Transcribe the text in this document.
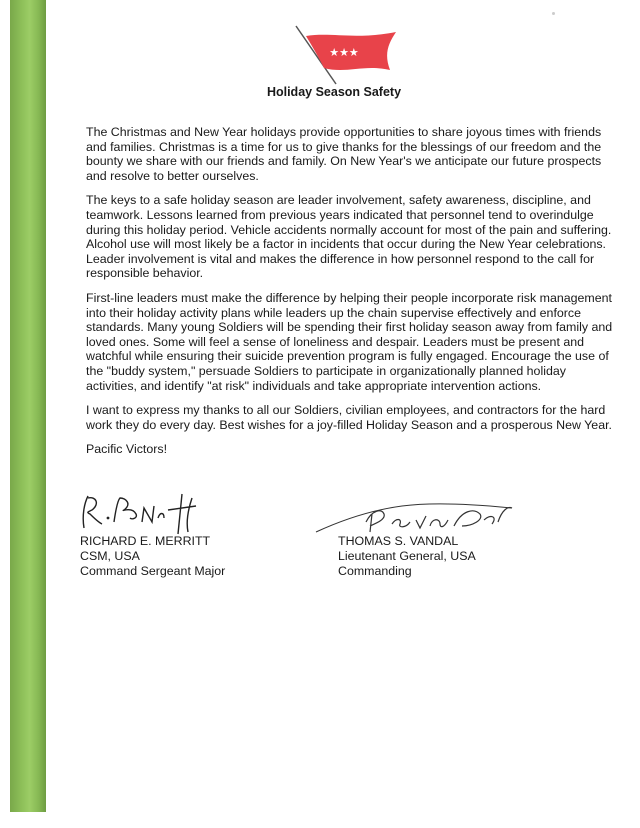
★★★
Holiday Season Safety

The Christmas and New Year holidays provide opportunities to share joyous times with friends and families. Christmas is a time for us to give thanks for the blessings of our freedom and the bounty we share with our friends and family. On New Year's we anticipate our future prospects and resolve to better ourselves.

The keys to a safe holiday season are leader involvement, safety awareness, discipline, and teamwork. Lessons learned from previous years indicated that personnel tend to overindulge during this holiday period. Vehicle accidents normally account for most of the pain and suffering. Alcohol use will most likely be a factor in incidents that occur during the New Year celebrations. Leader involvement is vital and makes the difference in how personnel respond to the call for responsible behavior.

First-line leaders must make the difference by helping their people incorporate risk management into their holiday activity plans while leaders up the chain supervise effectively and enforce standards. Many young Soldiers will be spending their first holiday season away from family and loved ones. Some will feel a sense of loneliness and despair. Leaders must be present and watchful while ensuring their suicide prevention program is fully engaged. Encourage the use of the "buddy system," persuade Soldiers to participate in organizationally planned holiday activities, and identify "at risk" individuals and take appropriate intervention actions.

I want to express my thanks to all our Soldiers, civilian employees, and contractors for the hard work they do every day. Best wishes for a joy-filled Holiday Season and a prosperous New Year.

Pacific Victors!

RICHARD E. MERRITT
CSM, USA
Command Sergeant Major
THOMAS S. VANDAL
Lieutenant General, USA
Commanding
